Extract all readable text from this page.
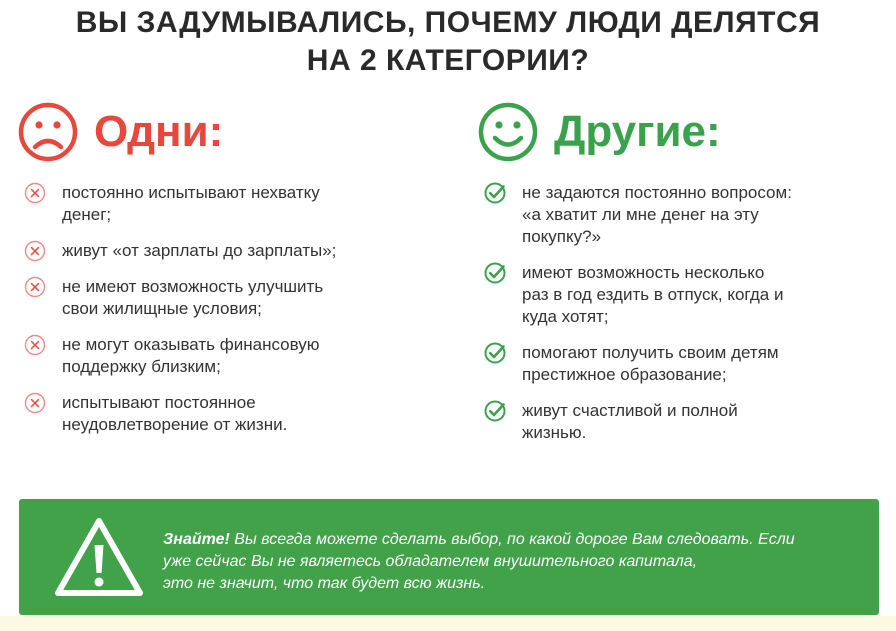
ВЫ ЗАДУМЫВАЛИСЬ, ПОЧЕМУ ЛЮДИ ДЕЛЯТСЯ
НА 2 КАТЕГОРИИ?
Одни:
постоянно испытывают нехватку
денег;
живут «от зарплаты до зарплаты»;
не имеют возможность улучшить
свои жилищные условия;
не могут оказывать финансовую
поддержку близким;
испытывают постоянное
неудовлетворение от жизни.
Другие:
не задаются постоянно вопросом:
«а хватит ли мне денег на эту
покупку?»
имеют возможность несколько
раз в год ездить в отпуск, когда и
куда хотят;
помогают получить своим детям
престижное образование;
живут счастливой и полной
жизнью.
Знайте! Вы всегда можете сделать выбор, по какой дороге Вам следовать. Если
уже сейчас Вы не являетесь обладателем внушительного капитала,
это не значит, что так будет всю жизнь.
